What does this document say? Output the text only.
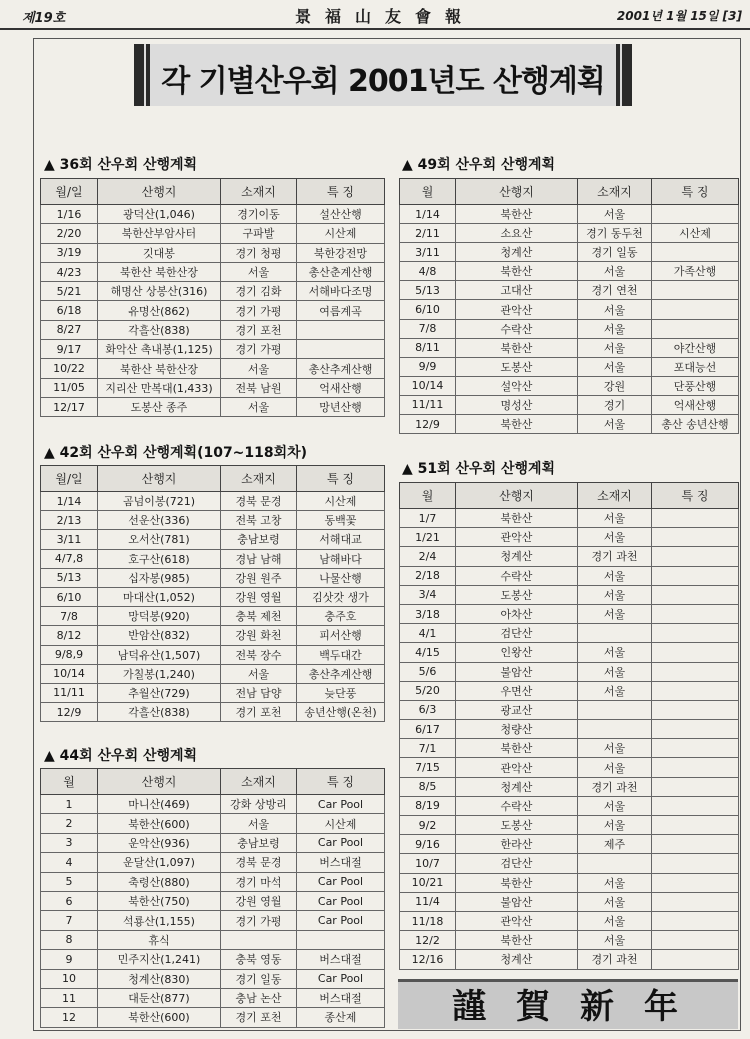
제19호	景福山友會報	2001년 1월 15일 [3]
각 기별산우회 2001년도 산행계획
▲ 36회 산우회 산행계획
월/일	산행지	소재지	특 징
1/16	광덕산(1,046)	경기이동	설산산행
2/20	북한산부암사터	구파발	시산제
3/19	깃대봉	경기 청평	북한강전망
4/23	북한산 북한산장	서울	총산춘계산행
5/21	해명산 상봉산(316)	경기 김화	서해바다조명
6/18	유명산(862)	경기 가평	여름계곡
8/27	각흘산(838)	경기 포천	
9/17	화악산 촉내봉(1,125)	경기 가평	
10/22	북한산 북한산장	서울	총산추계산행
11/05	지리산 만복대(1,433)	전북 남원	억새산행
12/17	도봉산 종주	서울	망년산행
▲ 42회 산우회 산행계획(107~118회차)
월/일	산행지	소재지	특 징
1/14	곰넘이봉(721)	경북 문경	시산제
2/13	선운산(336)	전북 고창	동백꽃
3/11	오서산(781)	충남보령	서해대교
4/7,8	호구산(618)	경남 남해	남해바다
5/13	십자봉(985)	강원 원주	나물산행
6/10	마대산(1,052)	강원 영월	김삿갓 생가
7/8	망덕봉(920)	충북 제천	충주호
8/12	반암산(832)	강원 화천	피서산행
9/8,9	남덕유산(1,507)	전북 장수	백두대간
10/14	가칠봉(1,240)	서울	총산추계산행
11/11	추월산(729)	전남 담양	늦단풍
12/9	각흘산(838)	경기 포천	송년산행(온천)
▲ 44회 산우회 산행계획
월	산행지	소재지	특 징
1	마니산(469)	강화 상방리	Car Pool
2	북한산(600)	서울	시산제
3	운악산(936)	충남보령	Car Pool
4	운달산(1,097)	경북 문경	버스대절
5	축령산(880)	경기 마석	Car Pool
6	북한산(750)	강원 영월	Car Pool
7	석룡산(1,155)	경기 가평	Car Pool
8	휴식		
9	민주지산(1,241)	충북 영동	버스대절
10	청계산(830)	경기 일동	Car Pool
11	대둔산(877)	충남 논산	버스대절
12	북한산(600)	경기 포천	종산제
▲ 49회 산우회 산행계획
월	산행지	소재지	특 징
1/14	북한산	서울	
2/11	소요산	경기 동두천	시산제
3/11	청계산	경기 일동	
4/8	북한산	서울	가족산행
5/13	고대산	경기 연천	
6/10	관악산	서울	
7/8	수락산	서울	
8/11	북한산	서울	야간산행
9/9	도봉산	서울	포대능선
10/14	설악산	강원	단풍산행
11/11	명성산	경기	억새산행
12/9	북한산	서울	총산 송년산행
▲ 51회 산우회 산행계획
월	산행지	소재지	특 징
1/7	북한산	서울	
1/21	관악산	서울	
2/4	청계산	경기 과천	
2/18	수락산	서울	
3/4	도봉산	서울	
3/18	아차산	서울	
4/1	검단산		
4/15	인왕산	서울	
5/6	불암산	서울	
5/20	우면산	서울	
6/3	광교산		
6/17	청량산		
7/1	북한산	서울	
7/15	관악산	서울	
8/5	청계산	경기 과천	
8/19	수락산	서울	
9/2	도봉산	서울	
9/16	한라산	제주	
10/7	검단산		
10/21	북한산	서울	
11/4	불암산	서울	
11/18	관악산	서울	
12/2	북한산	서울	
12/16	청계산	경기 과천	
謹賀新年
